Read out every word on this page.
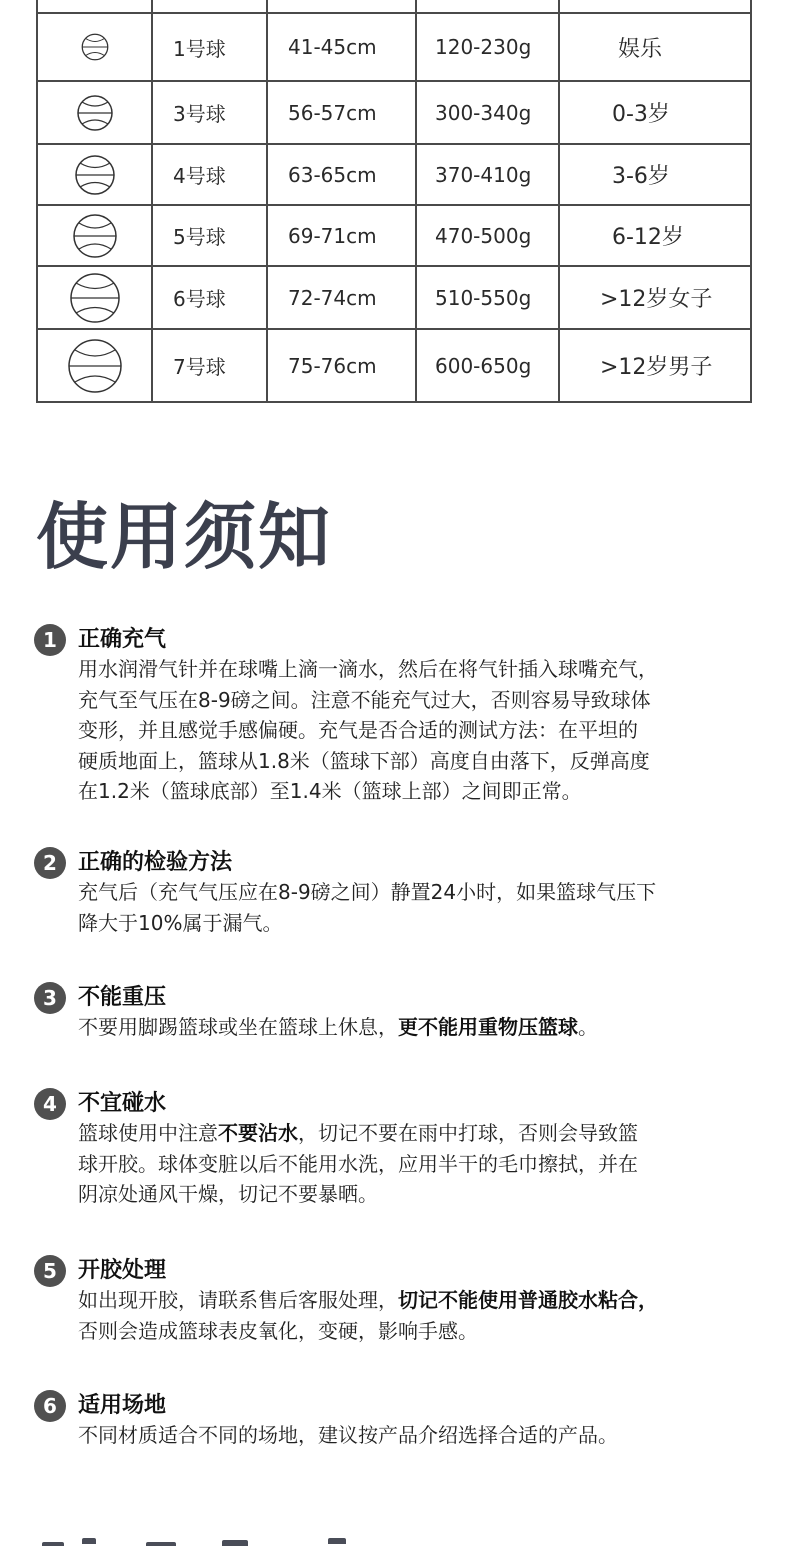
	1号球	41-45cm	120-230g	娱乐

	3号球	56-57cm	300-340g	0-3岁

	4号球	63-65cm	370-410g	3-6岁

	5号球	69-71cm	470-500g	6-12岁

	6号球	72-74cm	510-550g	>12岁女子

	7号球	75-76cm	600-650g	>12岁男子
使用须知
1 正确充气
用水润滑气针并在球嘴上滴一滴水，然后在将气针插入球嘴充气，
充气至气压在8-9磅之间。注意不能充气过大，否则容易导致球体
变形，并且感觉手感偏硬。充气是否合适的测试方法：在平坦的
硬质地面上，篮球从1.8米（篮球下部）高度自由落下，反弹高度
在1.2米（篮球底部）至1.4米（篮球上部）之间即正常。
2 正确的检验方法
充气后（充气气压应在8-9磅之间）静置24小时，如果篮球气压下
降大于10%属于漏气。
3 不能重压
不要用脚踢篮球或坐在篮球上休息，更不能用重物压篮球。
4 不宜碰水
篮球使用中注意不要沾水，切记不要在雨中打球，否则会导致篮
球开胶。球体变脏以后不能用水洗，应用半干的毛巾擦拭，并在
阴凉处通风干燥，切记不要暴晒。
5 开胶处理
如出现开胶，请联系售后客服处理，切记不能使用普通胶水粘合，
否则会造成篮球表皮氧化，变硬，影响手感。
6 适用场地
不同材质适合不同的场地，建议按产品介绍选择合适的产品。
